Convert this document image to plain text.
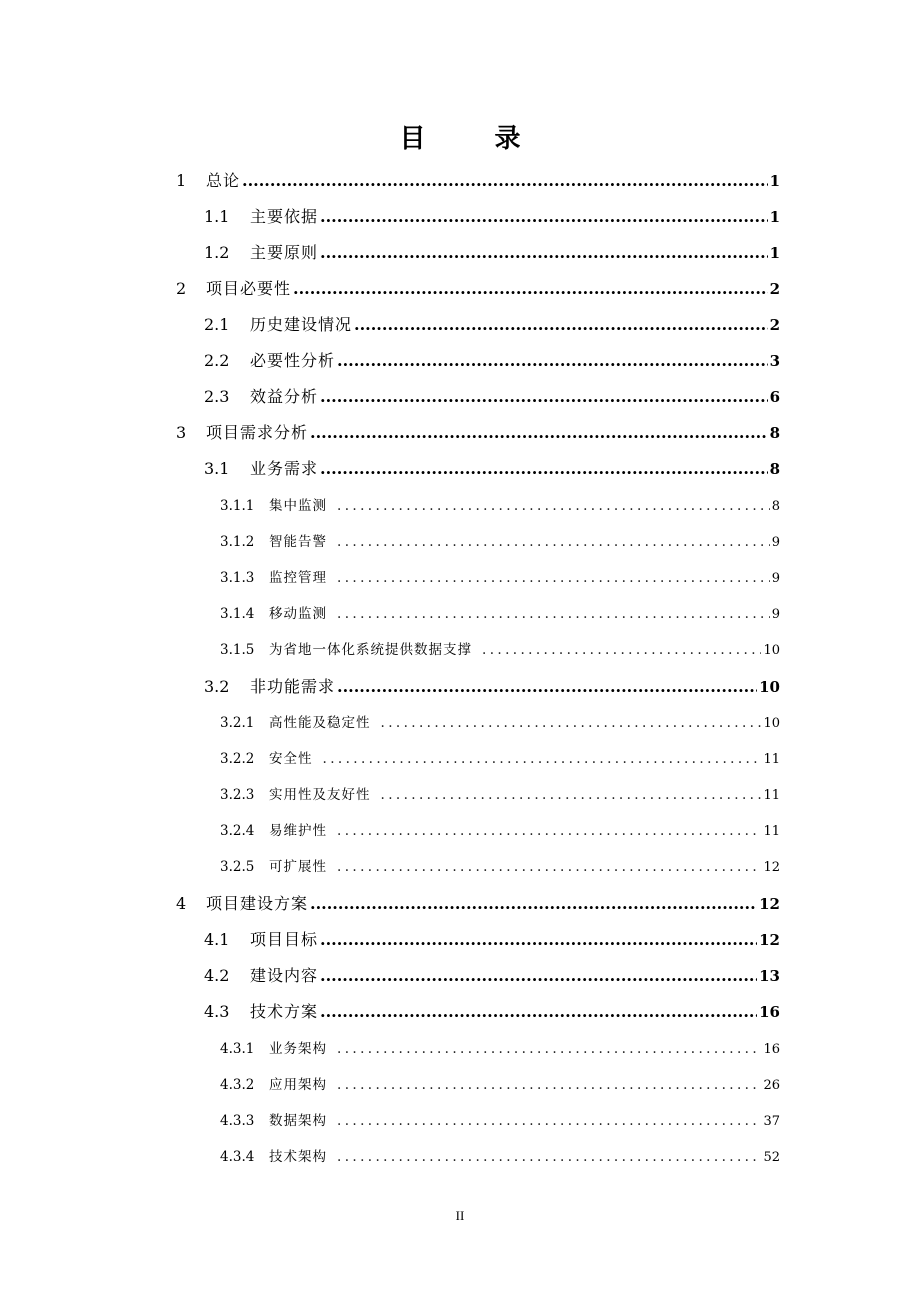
目 录
1	总论 .....	1
1.1	主要依据 .....	1
1.2	主要原则 .....	1
2	项目必要性 .....	2
2.1	历史建设情况 .....	2
2.2	必要性分析 .....	3
2.3	效益分析 .....	6
3	项目需求分析 .....	8
3.1	业务需求 .....	8
3.1.1	集中监测 .....	8
3.1.2	智能告警 .....	9
3.1.3	监控管理 .....	9
3.1.4	移动监测 .....	9
3.1.5	为省地一体化系统提供数据支撑 .....	10
3.2	非功能需求 .....	10
3.2.1	高性能及稳定性 .....	10
3.2.2	安全性 .....	11
3.2.3	实用性及友好性 .....	11
3.2.4	易维护性 .....	11
3.2.5	可扩展性 .....	12
4	项目建设方案 .....	12
4.1	项目目标 .....	12
4.2	建设内容 .....	13
4.3	技术方案 .....	16
4.3.1	业务架构 .....	16
4.3.2	应用架构 .....	26
4.3.3	数据架构 .....	37
4.3.4	技术架构 .....	52
II
